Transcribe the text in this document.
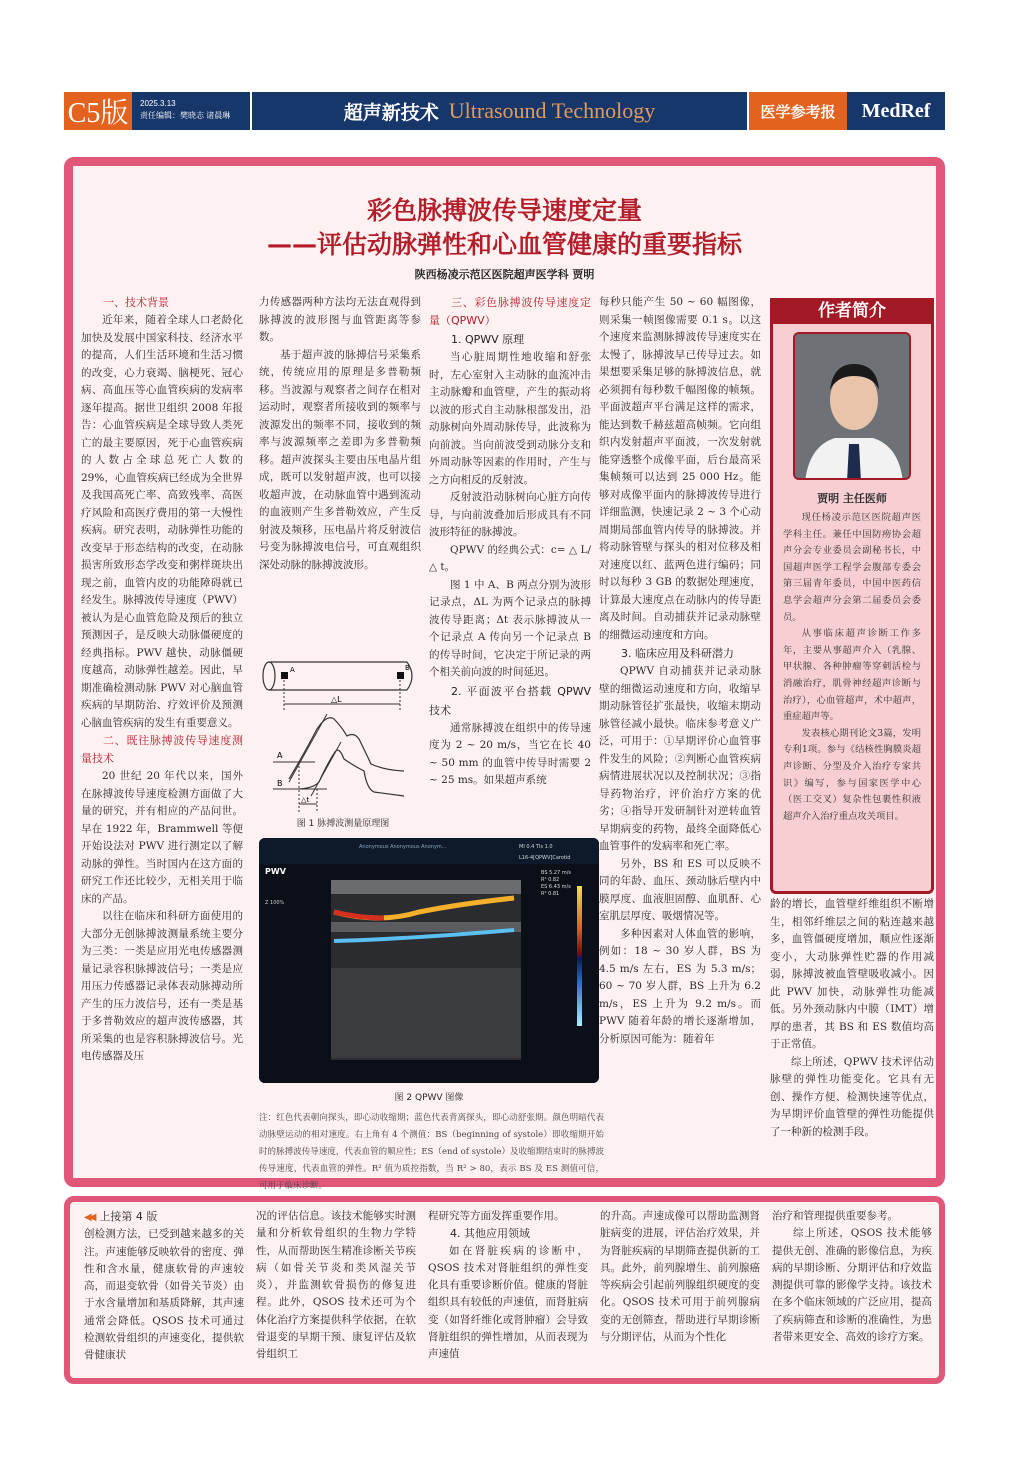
C5版	2025.3.13
责任编辑：樊晓志 诸晨琳	超声新技术 Ultrasound Technology	医学参考报	MedRef
彩色脉搏波传导速度定量
——评估动脉弹性和心血管健康的重要指标
陕西杨凌示范区医院超声医学科 贾明
一、技术背景

近年来，随着全球人口老龄化加快及发展中国家科技、经济水平的提高，人们生活环境和生活习惯的改变，心力衰竭、脑梗死、冠心病、高血压等心血管疾病的发病率逐年提高。据世卫组织 2008 年报告：心血管疾病是全球导致人类死亡的最主要原因，死于心血管疾病的人数占全球总死亡人数的 29%，心血管疾病已经成为全世界及我国高死亡率、高致残率、高医疗风险和高医疗费用的第一大慢性疾病。研究表明，动脉弹性功能的改变早于形态结构的改变，在动脉损害所致形态学改变和粥样斑块出现之前，血管内皮的功能障碍就已经发生。脉搏波传导速度（PWV）被认为是心血管危险及预后的独立预测因子，是反映大动脉僵硬度的经典指标。PWV 越快，动脉僵硬度越高，动脉弹性越差。因此，早期准确检测动脉 PWV 对心脑血管疾病的早期防治、疗效评价及预测心脑血管疾病的发生有重要意义。

二、既往脉搏波传导速度测量技术

20 世纪 20 年代以来，国外在脉搏波传导速度检测方面做了大量的研究，并有相应的产品问世。早在 1922 年，Brammwell 等便开始设法对 PWV 进行测定以了解动脉的弹性。当时国内在这方面的研究工作还比较少，无相关用于临床的产品。

以往在临床和科研方面使用的大部分无创脉搏波测量系统主要分为三类：一类是应用光电传感器测量记录容积脉搏波信号；一类是应用压力传感器记录体表动脉搏动所产生的压力波信号，还有一类是基于多普勒效应的超声波传感器，其所采集的也是容积脉搏波信号。光电传感器及压

力传感器两种方法均无法直观得到脉搏波的波形图与血管距离等参数。

基于超声波的脉搏信号采集系统，传统应用的原理是多普勒频移。当波源与观察者之间存在相对运动时，观察者所接收到的频率与波源发出的频率不同，接收到的频率与波源频率之差即为多普勒频移。超声波探头主要由压电晶片组成，既可以发射超声波，也可以接收超声波，在动脉血管中遇到流动的血液则产生多普勒效应，产生反射波及频移，压电晶片将反射波信号变为脉搏波电信号，可直观组织深处动脉的脉搏波波形。

A	B
△L
A
B
△t
图 1 脉搏波测量原理图
Anonymous Anonymous Anonym...	MI 0.4 TIs 1.0
L16-4[QPWV]Carotid
PWV
Z 100%
BS 5.27 m/s
R² 0.82
ES 6.43 m/s
R² 0.81
图 2 QPWV 图像
注：红色代表朝向探头，即心动收缩期；蓝色代表背离探头，即心动舒张期。颜色明暗代表动脉壁运动的相对速度。右上角有 4 个测值：BS（beginning of systole）即收缩期开始时的脉搏波传导速度，代表血管的顺应性；ES（end of systole）及收缩期结束时的脉搏波传导速度，代表血管的弹性。R² 值为质控指数，当 R² > 80，表示 BS 及 ES 测值可信，可用于临床诊断。
三、彩色脉搏波传导速度定量（QPWV）
1. QPWV 原理

当心脏周期性地收缩和舒张时，左心室射入主动脉的血流冲击主动脉瓣和血管壁，产生的振动将以波的形式自主动脉根部发出，沿动脉树向外周动脉传导，此波称为向前波。当向前波受到动脉分支和外周动脉等因素的作用时，产生与之方向相反的反射波。

反射波沿动脉树向心脏方向传导，与向前波叠加后形成具有不同波形特征的脉搏波。

QPWV 的经典公式：c= △ L/ △ t。

图 1 中 A、B 两点分别为波形记录点，ΔL 为两个记录点的脉搏波传导距离；Δt 表示脉搏波从一个记录点 A 传向另一个记录点 B 的传导时间，它决定于所记录的两个相关前向波的时间延迟。

2. 平面波平台搭载 QPWV 技术

通常脉搏波在组织中的传导速度为 2 ~ 20 m/s，当它在长 40 ~ 50 mm 的血管中传导时需要 2 ~ 25 ms。如果超声系统

每秒只能产生 50 ~ 60 幅图像，则采集一帧图像需要 0.1 s。以这个速度来监测脉搏波传导速度实在太慢了，脉搏波早已传导过去。如果想要采集足够的脉搏波信息，就必须拥有每秒数千幅图像的帧频。平面波超声平台满足这样的需求，能达到数千赫兹超高帧频。它向组织内发射超声平面波，一次发射就能穿透整个成像平面，后台最高采集帧频可以达到 25 000 Hz。能够对成像平面内的脉搏波传导进行详细监测，快速记录 2 ~ 3 个心动周期局部血管内传导的脉搏波。并将动脉管壁与探头的相对位移及相对速度以红、蓝两色进行编码；同时以每秒 3 GB 的数据处理速度，计算最大速度点在动脉内的传导距离及时间。自动捕获并记录动脉壁的细微运动速度和方向。

3. 临床应用及科研潜力

QPWV 自动捕获并记录动脉壁的细微运动速度和方向，收缩早期动脉管径扩张最快，收缩末期动脉管径减小最快。临床参考意义广泛，可用于：①早期评价心血管事件发生的风险；②判断心血管疾病病情进展状况以及控制状况；③指导药物治疗，评价治疗方案的优劣；④指导开发研制针对逆转血管早期病变的药物，最终全面降低心血管事件的发病率和死亡率。

另外，BS 和 ES 可以反映不同的年龄、血压、颈动脉后壁内中膜厚度、血液胆固醇、血肌酐、心室肌层厚度、吸烟情况等。

多种因素对人体血管的影响，例如：18 ~ 30 岁人群，BS 为 4.5 m/s 左右，ES 为 5.3 m/s；60 ~ 70 岁人群，BS 上升为 6.2 m/s，ES 上升为 9.2 m/s。而 PWV 随着年龄的增长逐渐增加，分析原因可能为：随着年

作者简介
贾明 主任医师

现任杨凌示范区医院超声医学科主任。兼任中国防痨协会超声分会专业委员会副秘书长，中国超声医学工程学会腹部专委会第三届青年委员，中国中医药信息学会超声分会第二届委员会委员。

从事临床超声诊断工作多年，主要从事超声介入（乳腺、甲状腺、各种肿瘤等穿刺活检与消融治疗，肌骨神经超声诊断与治疗），心血管超声，术中超声，重症超声等。

发表核心期刊论文3篇，发明专利1项。参与《结核性胸膜炎超声诊断、分型及介入治疗专家共识》编写，参与国家医学中心（医工交叉）复杂性包裹性积液超声介入治疗重点攻关项目。

龄的增长，血管壁纤维组织不断增生，相邻纤维层之间的粘连越来越多，血管僵硬度增加，顺应性逐渐变小，大动脉弹性贮器的作用减弱，脉搏波被血管壁吸收减小。因此 PWV 加快，动脉弹性功能减低。另外颈动脉内中膜（IMT）增厚的患者，其 BS 和 ES 数值均高于正常值。

综上所述，QPWV 技术评估动脉壁的弹性功能变化。它具有无创、操作方便、检测快速等优点，为早期评价血管壁的弹性功能提供了一种新的检测手段。

◀◀ 上接第 4 版
创检测方法，已受到越来越多的关注。声速能够反映软骨的密度、弹性和含水量，健康软骨的声速较高，而退变软骨（如骨关节炎）由于水含量增加和基质降解，其声速通常会降低。QSOS 技术可通过检测软骨组织的声速变化，提供软骨健康状
况的评估信息。该技术能够实时测量和分析软骨组织的生物力学特性，从而帮助医生精准诊断关节疾病（如骨关节炎和类风湿关节炎），并监测软骨损伤的修复进程。此外，QSOS 技术还可为个体化治疗方案提供科学依据，在软骨退变的早期干预、康复评估及软骨组织工
程研究等方面发挥重要作用。
4. 其他应用领域
如在肾脏疾病的诊断中，QSOS 技术对肾脏组织的弹性变化具有重要诊断价值。健康的肾脏组织具有较低的声速值，而肾脏病变（如肾纤维化或肾肿瘤）会导致肾脏组织的弹性增加，从而表现为声速值
的升高。声速成像可以帮助监测肾脏病变的进展，评估治疗效果，并为肾脏疾病的早期筛查提供新的工具。此外，前列腺增生、前列腺癌等疾病会引起前列腺组织硬度的变化。QSOS 技术可用于前列腺病变的无创筛查，帮助进行早期诊断与分期评估，从而为个性化
治疗和管理提供重要参考。
综上所述，QSOS 技术能够提供无创、准确的影像信息，为疾病的早期诊断、分期评估和疗效监测提供可靠的影像学支持。该技术在多个临床领域的广泛应用，提高了疾病筛查和诊断的准确性，为患者带来更安全、高效的诊疗方案。
